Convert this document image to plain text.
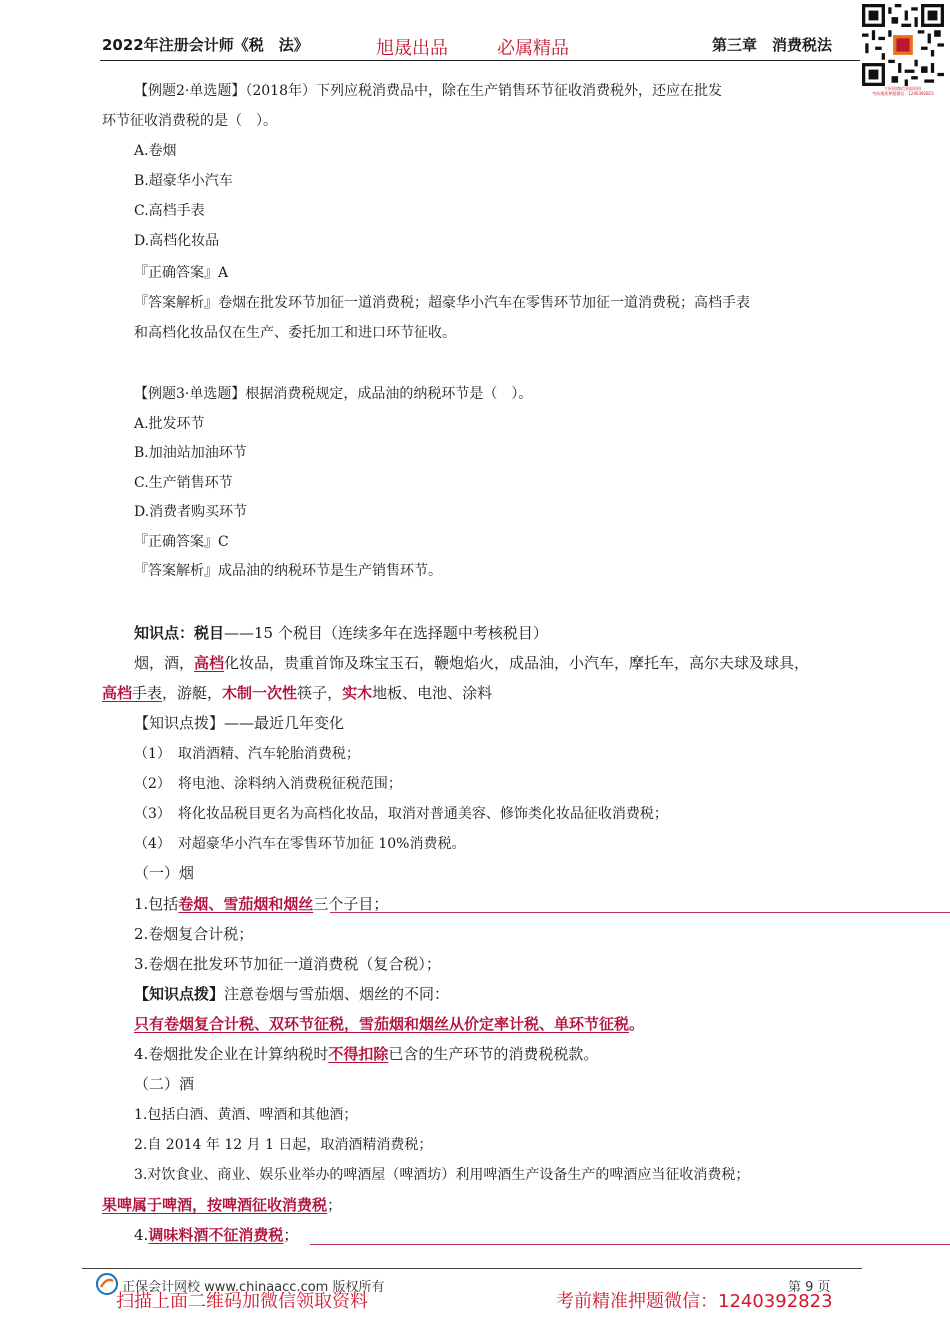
2022年注册会计师《税　法》	旭晟出品	必属精品	第三章　消费税法
扫码加微信领取资料
考前精准押题微信：1240392823
【例题2·单选题】（2018年）下列应税消费品中，除在生产销售环节征收消费税外，还应在批发
环节征收消费税的是（　）。
A.卷烟
B.超豪华小汽车
C.高档手表
D.高档化妆品
『正确答案』A
『答案解析』卷烟在批发环节加征一道消费税；超豪华小汽车在零售环节加征一道消费税；高档手表
和高档化妆品仅在生产、委托加工和进口环节征收。
【例题3·单选题】根据消费税规定，成品油的纳税环节是（　）。
A.批发环节
B.加油站加油环节
C.生产销售环节
D.消费者购买环节
『正确答案』C
『答案解析』成品油的纳税环节是生产销售环节。
知识点：税目——15 个税目（连续多年在选择题中考核税目）
烟，酒，高档化妆品，贵重首饰及珠宝玉石，鞭炮焰火，成品油，小汽车，摩托车，高尔夫球及球具，
高档手表，游艇，木制一次性筷子，实木地板、电池、涂料
【知识点拨】——最近几年变化
（1）　取消酒精、汽车轮胎消费税；
（2）　将电池、涂料纳入消费税征税范围；
（3）　将化妆品税目更名为高档化妆品，取消对普通美容、修饰类化妆品征收消费税；
（4）　对超豪华小汽车在零售环节加征 10%消费税。
（一）烟
1.包括卷烟、雪茄烟和烟丝三个子目；
2.卷烟复合计税；
3.卷烟在批发环节加征一道消费税（复合税）；
【知识点拨】注意卷烟与雪茄烟、烟丝的不同：
只有卷烟复合计税、双环节征税，雪茄烟和烟丝从价定率计税、单环节征税。
4.卷烟批发企业在计算纳税时不得扣除已含的生产环节的消费税税款。
（二）酒
1.包括白酒、黄酒、啤酒和其他酒；
2.自 2014 年 12 月 1 日起，取消酒精消费税；
3.对饮食业、商业、娱乐业举办的啤酒屋（啤酒坊）利用啤酒生产设备生产的啤酒应当征收消费税；
果啤属于啤酒，按啤酒征收消费税；
4.调味料酒不征消费税；
正保会计网校 www.chinaacc.com 版权所有	第 9 页
扫描上面二维码加微信领取资料	考前精准押题微信：1240392823
